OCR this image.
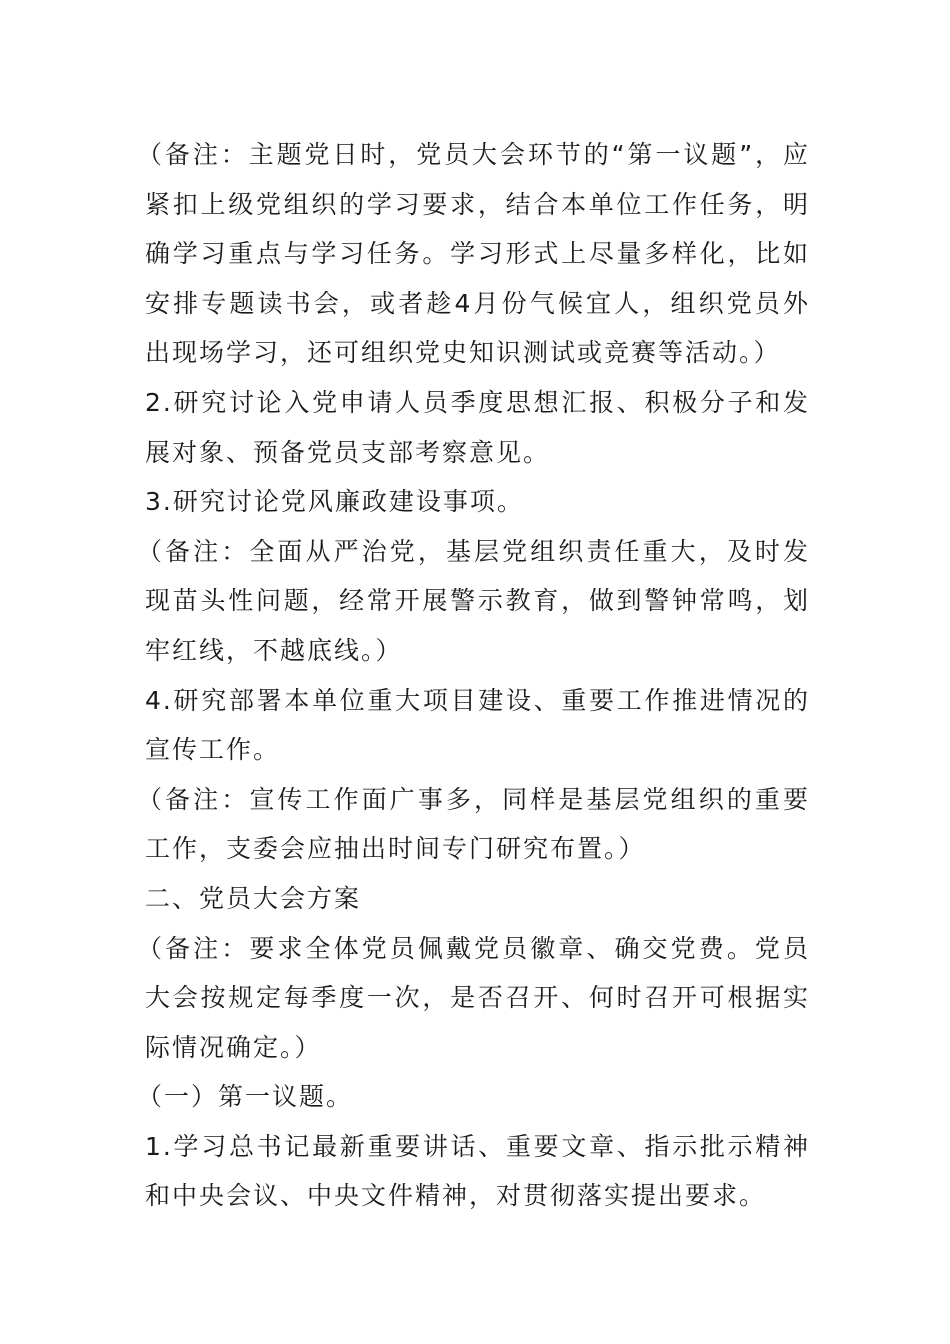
（备注：主题党日时，党员大会环节的“第一议题”，应紧扣上级党组织的学习要求，结合本单位工作任务，明确学习重点与学习任务。学习形式上尽量多样化，比如安排专题读书会，或者趁4月份气候宜人，组织党员外出现场学习，还可组织党史知识测试或竞赛等活动。）

2.研究讨论入党申请人员季度思想汇报、积极分子和发展对象、预备党员支部考察意见。

3.研究讨论党风廉政建设事项。

（备注：全面从严治党，基层党组织责任重大，及时发现苗头性问题，经常开展警示教育，做到警钟常鸣，划牢红线，不越底线。）

4.研究部署本单位重大项目建设、重要工作推进情况的宣传工作。

（备注：宣传工作面广事多，同样是基层党组织的重要工作，支委会应抽出时间专门研究布置。）

二、党员大会方案

（备注：要求全体党员佩戴党员徽章、确交党费。党员大会按规定每季度一次，是否召开、何时召开可根据实际情况确定。）

（一）第一议题。

1.学习总书记最新重要讲话、重要文章、指示批示精神和中央会议、中央文件精神，对贯彻落实提出要求。
